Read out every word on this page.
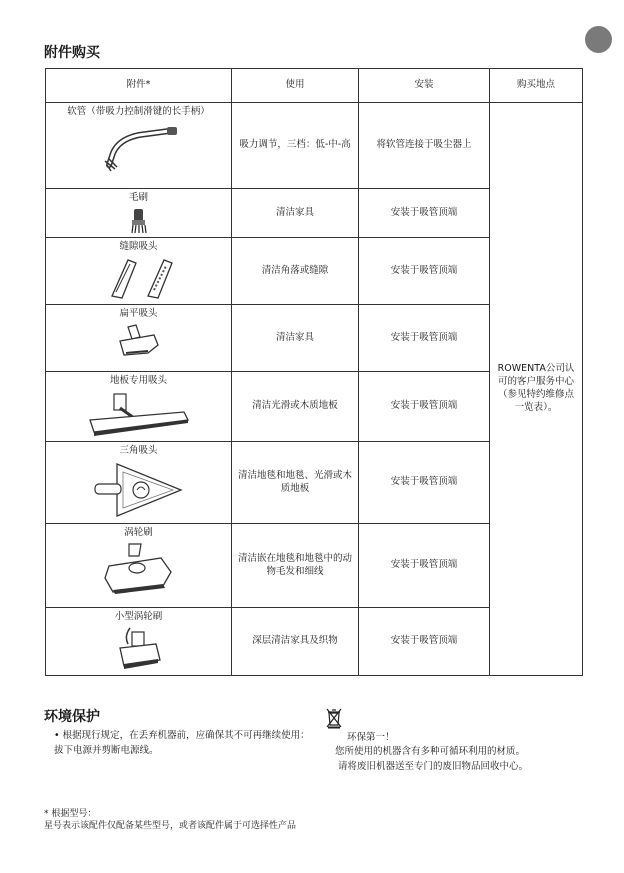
附件购买
附件*	使用	安装	购买地点
软管（带吸力控制滑键的长手柄）	吸力调节，三档：低-中-高	将软管连接于吸尘器上	ROWENTA公司认可的客户服务中心（参见特约维修点一览表）。
毛刷	清洁家具	安装于吸管顶端	
缝隙吸头	清洁角落或缝隙	安装于吸管顶端	
扁平吸头	清洁家具	安装于吸管顶端	
地板专用吸头	清洁光滑或木质地板	安装于吸管顶端	
三角吸头	清洁地毯和地毯、光滑或木质地板	安装于吸管顶端	
涡轮刷	清洁嵌在地毯和地毯中的动物毛发和细线	安装于吸管顶端	
小型涡轮刷	深层清洁家具及织物	安装于吸管顶端	
环境保护
• 根据现行规定，在丢弃机器前，应确保其不可再继续使用：拔下电源并剪断电源线。
环保第一！
您所使用的机器含有多种可循环利用的材质。
请将废旧机器送至专门的废旧物品回收中心。
* 根据型号：
星号表示该配件仅配备某些型号，或者该配件属于可选择性产品
